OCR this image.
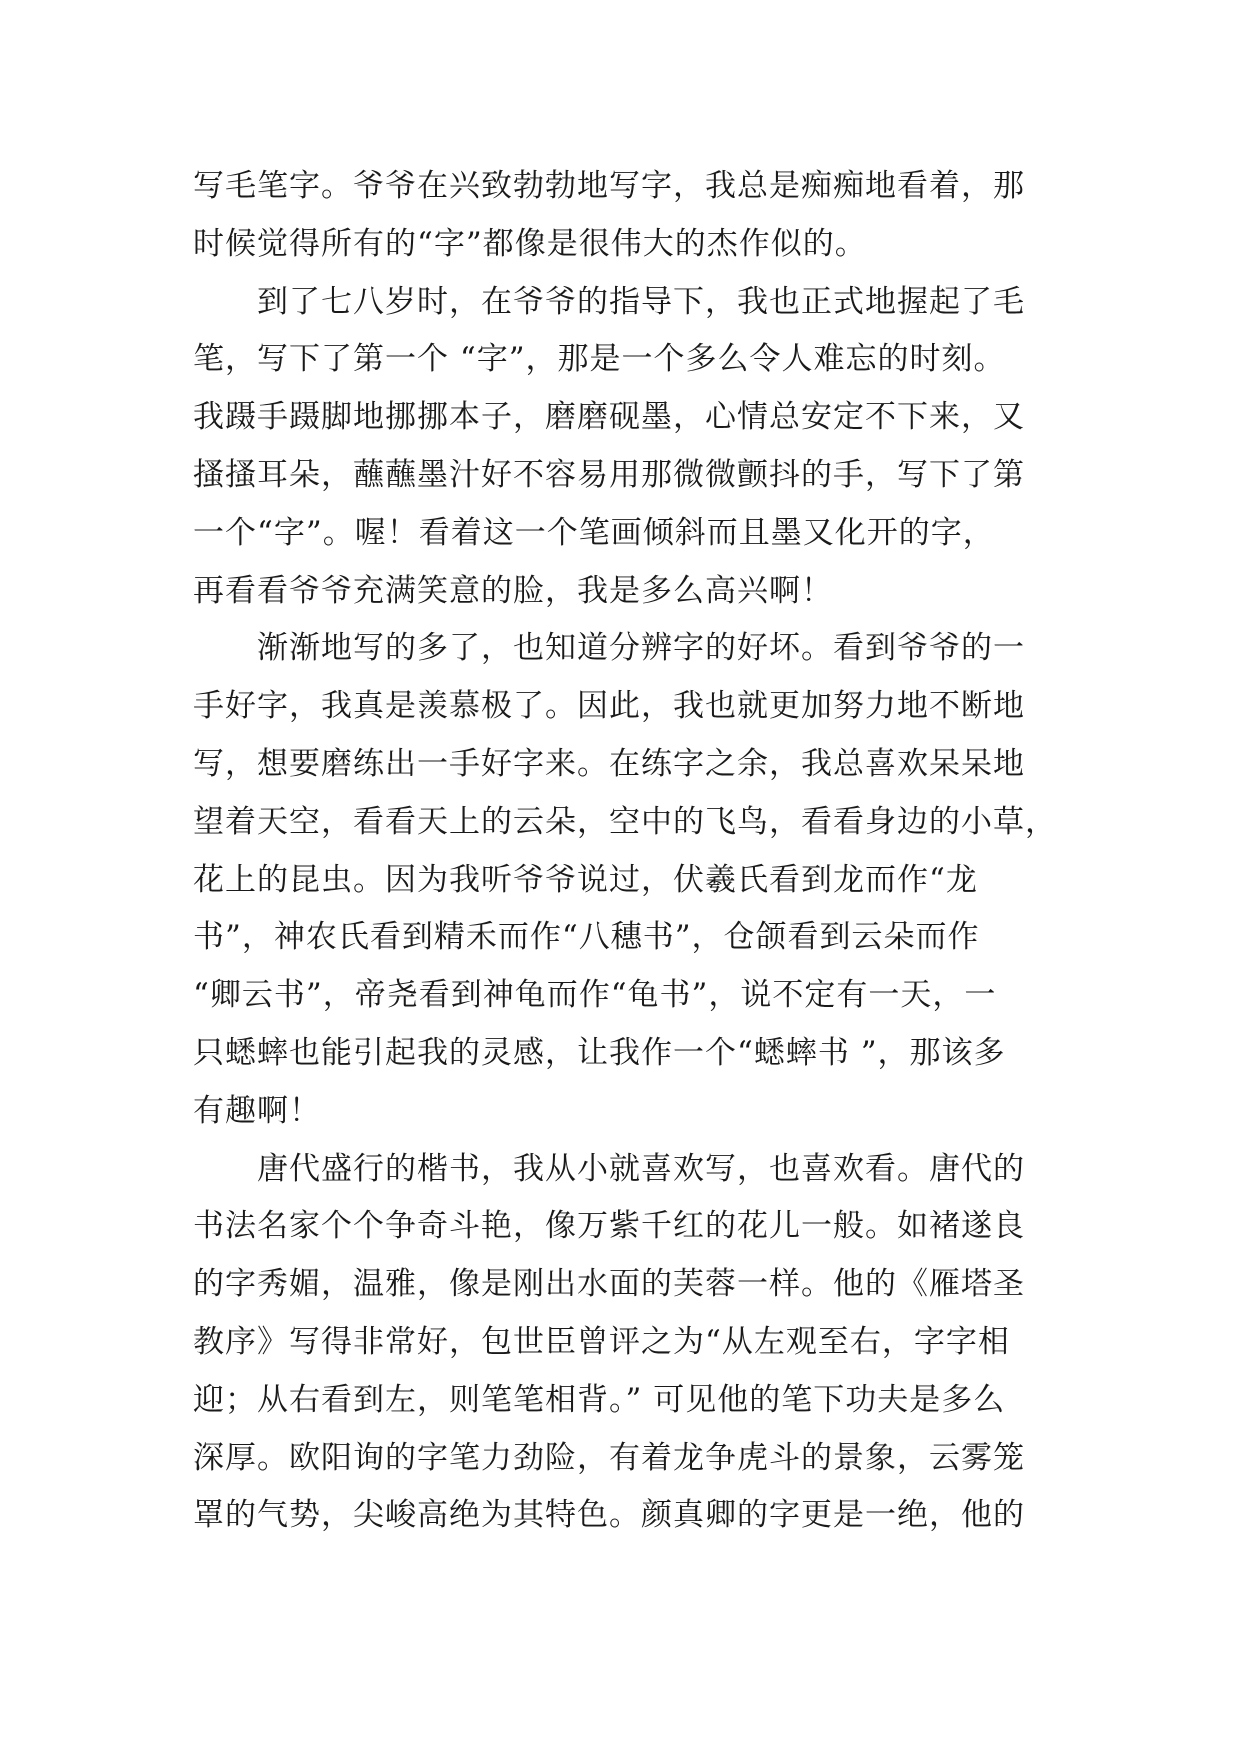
写毛笔字。爷爷在兴致勃勃地写字，我总是痴痴地看着，那

时候觉得所有的“字”都像是很伟大的杰作似的。

到了七八岁时，在爷爷的指导下，我也正式地握起了毛

笔，写下了第一个 “字”，那是一个多么令人难忘的时刻。

我蹑手蹑脚地挪挪本子，磨磨砚墨，心情总安定不下来，又

搔搔耳朵，蘸蘸墨汁好不容易用那微微颤抖的手，写下了第

一个“字”。喔！看着这一个笔画倾斜而且墨又化开的字，

再看看爷爷充满笑意的脸，我是多么高兴啊！

渐渐地写的多了，也知道分辨字的好坏。看到爷爷的一

手好字，我真是羡慕极了。因此，我也就更加努力地不断地

写，想要磨练出一手好字来。在练字之余，我总喜欢呆呆地

望着天空，看看天上的云朵，空中的飞鸟，看看身边的小草，

花上的昆虫。因为我听爷爷说过，伏羲氏看到龙而作“龙

书”，神农氏看到精禾而作“八穗书”，仓颌看到云朵而作

“卿云书”，帝尧看到神龟而作“龟书”，说不定有一天，一

只蟋蟀也能引起我的灵感，让我作一个“蟋蟀书 ”，那该多

有趣啊！

唐代盛行的楷书，我从小就喜欢写，也喜欢看。唐代的

书法名家个个争奇斗艳，像万紫千红的花儿一般。如褚遂良

的字秀媚，温雅，像是刚出水面的芙蓉一样。他的《雁塔圣

教序》写得非常好，包世臣曾评之为“从左观至右，字字相

迎；从右看到左，则笔笔相背。” 可见他的笔下功夫是多么

深厚。欧阳询的字笔力劲险，有着龙争虎斗的景象，云雾笼

罩的气势，尖峻高绝为其特色。颜真卿的字更是一绝，他的
